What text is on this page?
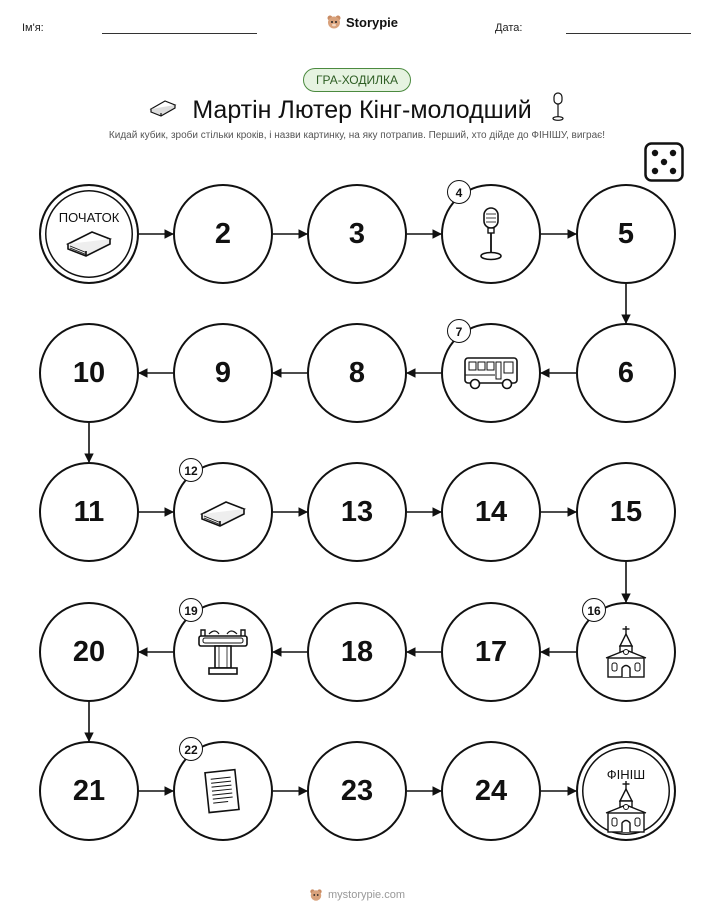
Ім'я:	Storypie	Дата:
ГРА-ХОДИЛКА
Мартін Лютер Кінг-молодший
Кидай кубик, зроби стільки кроків, і назви картинку, на яку потрапив. Перший, хто дійде до ФІНІШУ, виграє!
ПОЧАТОК	2	3
4
5
6
7
8
9
10
11
12
13	14	15
16
17
18
19
20
21
22
23	24	ФІНІШ
mystorypie.com
